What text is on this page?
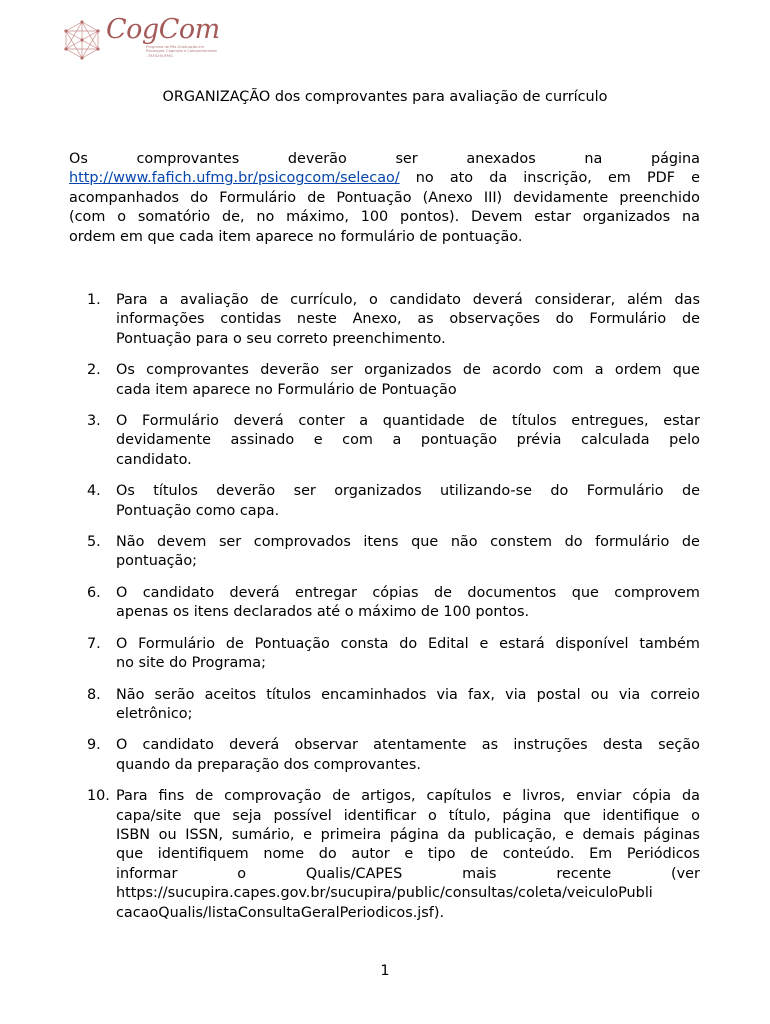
CogCom
Programa de Pós-Graduação em Psicologia: Cognição e Comportamento - FAFICH/UFMG
ORGANIZAÇÃO dos comprovantes para avaliação de currículo
Os	comprovantes	deverão	ser	anexados	na	página
http://www.fafich.ufmg.br/psicogcom/selecao/ no ato da inscrição, em PDF e
acompanhados do Formulário de Pontuação (Anexo III) devidamente preenchido
(com o somatório de, no máximo, 100 pontos). Devem estar organizados na
ordem em que cada item aparece no formulário de pontuação.
1. Para a avaliação de currículo, o candidato deverá considerar, além das
informações contidas neste Anexo, as observações do Formulário de
Pontuação para o seu correto preenchimento.
2. Os comprovantes deverão ser organizados de acordo com a ordem que
cada item aparece no Formulário de Pontuação
3. O Formulário deverá conter a quantidade de títulos entregues, estar
devidamente assinado e com a pontuação prévia calculada pelo
candidato.
4. Os títulos deverão ser organizados utilizando-se do Formulário de
Pontuação como capa.
5. Não devem ser comprovados itens que não constem do formulário de
pontuação;
6. O candidato deverá entregar cópias de documentos que comprovem
apenas os itens declarados até o máximo de 100 pontos.
7. O Formulário de Pontuação consta do Edital e estará disponível também
no site do Programa;
8. Não serão aceitos títulos encaminhados via fax, via postal ou via correio
eletrônico;
9. O candidato deverá observar atentamente as instruções desta seção
quando da preparação dos comprovantes.
10. Para fins de comprovação de artigos, capítulos e livros, enviar cópia da
capa/site que seja possível identificar o título, página que identifique o
ISBN ou ISSN, sumário, e primeira página da publicação, e demais páginas
que identifiquem nome do autor e tipo de conteúdo. Em Periódicos
informar	o	Qualis/CAPES	mais	recente	(ver
https://sucupira.capes.gov.br/sucupira/public/consultas/coleta/veiculoPubli
cacaoQualis/listaConsultaGeralPeriodicos.jsf).
1
